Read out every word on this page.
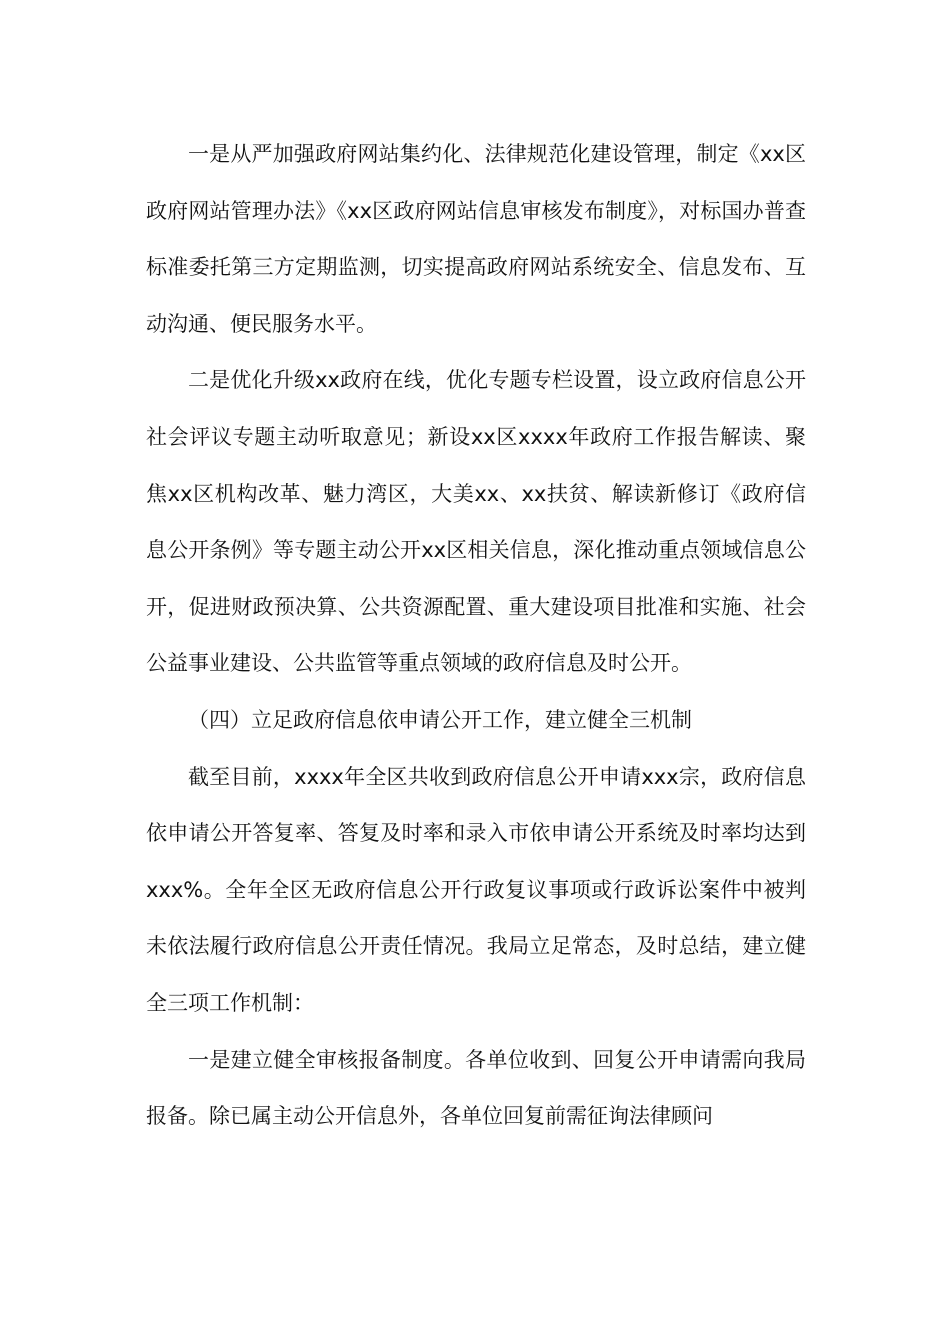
一是从严加强政府网站集约化、法律规范化建设管理，制定《xx区政府网站管理办法》《xx区政府网站信息审核发布制度》，对标国办普查标准委托第三方定期监测，切实提高政府网站系统安全、信息发布、互动沟通、便民服务水平。

二是优化升级xx政府在线，优化专题专栏设置，设立政府信息公开社会评议专题主动听取意见；新设xx区xxxx年政府工作报告解读、聚焦xx区机构改革、魅力湾区，大美xx、xx扶贫、解读新修订《政府信息公开条例》等专题主动公开xx区相关信息，深化推动重点领域信息公开，促进财政预决算、公共资源配置、重大建设项目批准和实施、社会公益事业建设、公共监管等重点领域的政府信息及时公开。

（四）立足政府信息依申请公开工作，建立健全三机制

截至目前，xxxx年全区共收到政府信息公开申请xxx宗，政府信息依申请公开答复率、答复及时率和录入市依申请公开系统及时率均达到xxx%。全年全区无政府信息公开行政复议事项或行政诉讼案件中被判未依法履行政府信息公开责任情况。我局立足常态，及时总结，建立健全三项工作机制：

一是建立健全审核报备制度。各单位收到、回复公开申请需向我局报备。除已属主动公开信息外，各单位回复前需征询法律顾问
